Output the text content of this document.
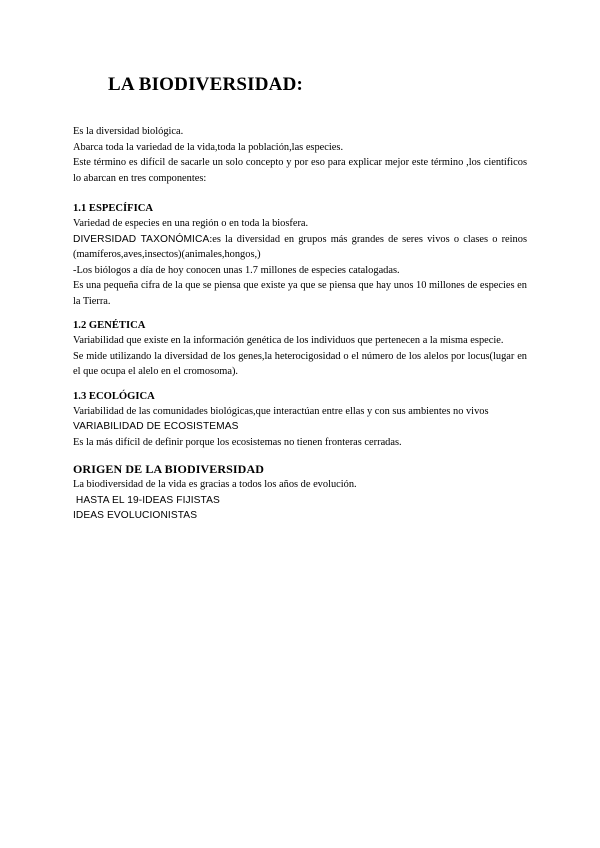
LA BIODIVERSIDAD:

Es la diversidad biológica.

Abarca toda la variedad de la vida,toda la población,las especies.

Este término es difícil de sacarle un solo concepto y por eso para explicar mejor este término ,los científicos lo abarcan en tres componentes:

1.1 ESPECÍFICA

Variedad de especies en una región o en toda la biosfera.

DIVERSIDAD TAXONÓMICA:es la diversidad en grupos más grandes de seres vivos o clases o reinos (mamíferos,aves,insectos)(animales,hongos,)

-Los biólogos a día de hoy conocen unas 1.7 millones de especies catalogadas.

Es una pequeña cifra de la que se piensa que existe ya que se piensa que hay unos 10 millones de especies en la Tierra.

1.2 GENÉTICA

Variabilidad que existe en la información genética de los individuos que pertenecen a la misma especie.

Se mide utilizando la diversidad de los genes,la heterocigosidad o el número de los alelos por locus(lugar en el que ocupa el alelo en el cromosoma).

1.3 ECOLÓGICA

Variabilidad de las comunidades biológicas,que interactúan entre ellas y con sus ambientes no vivos

VARIABILIDAD DE ECOSISTEMAS

Es la más difícil de definir porque los ecosistemas no tienen fronteras cerradas.

ORIGEN DE LA BIODIVERSIDAD

La biodiversidad de la vida es gracias a todos los años de evolución.

HASTA EL 19-IDEAS FIJISTAS

IDEAS EVOLUCIONISTAS
